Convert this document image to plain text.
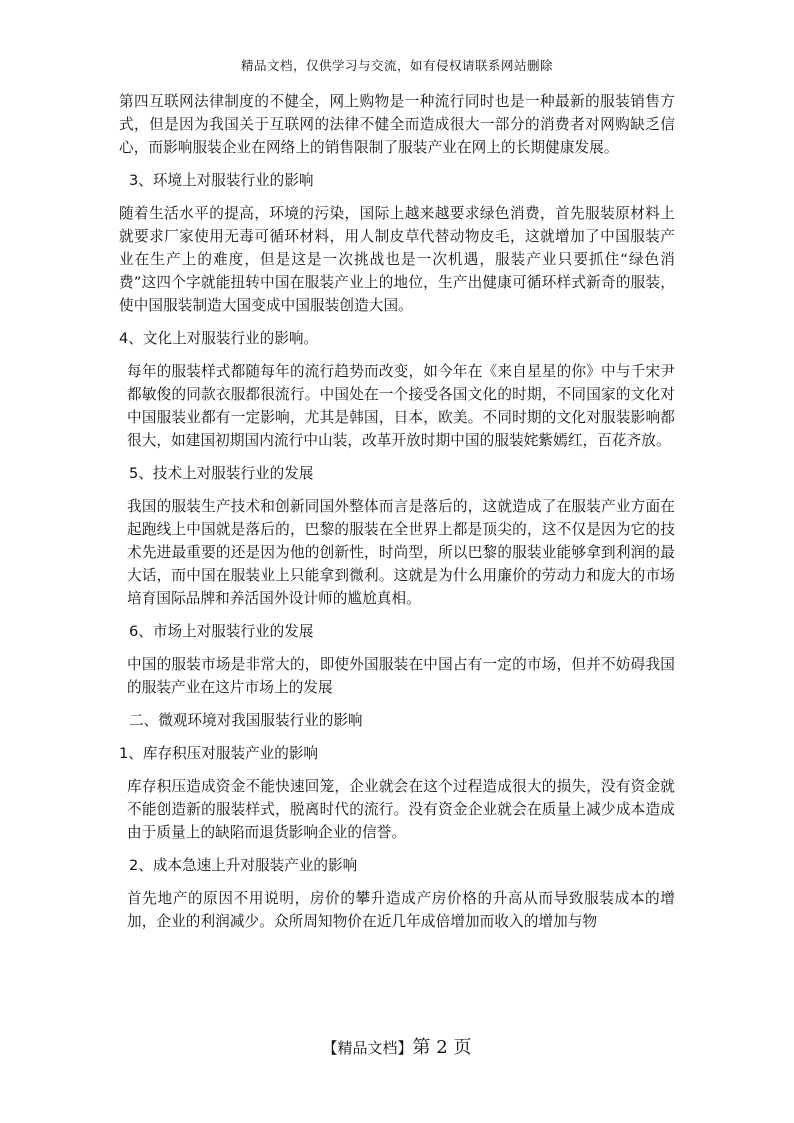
精品文档，仅供学习与交流，如有侵权请联系网站删除

第四互联网法律制度的不健全，网上购物是一种流行同时也是一种最新的服装销售方式，但是因为我国关于互联网的法律不健全而造成很大一部分的消费者对网购缺乏信心，而影响服装企业在网络上的销售限制了服装产业在网上的长期健康发展。

3、环境上对服装行业的影响

随着生活水平的提高，环境的污染，国际上越来越要求绿色消费，首先服装原材料上就要求厂家使用无毒可循环材料，用人制皮草代替动物皮毛，这就增加了中国服装产业在生产上的难度，但是这是一次挑战也是一次机遇，服装产业只要抓住“绿色消费”这四个字就能扭转中国在服装产业上的地位，生产出健康可循环样式新奇的服装，使中国服装制造大国变成中国服装创造大国。

4、文化上对服装行业的影响。

每年的服装样式都随每年的流行趋势而改变，如今年在《来自星星的你》中与千宋尹都敏俊的同款衣服都很流行。中国处在一个接受各国文化的时期，不同国家的文化对中国服装业都有一定影响，尤其是韩国，日本，欧美。不同时期的文化对服装影响都很大，如建国初期国内流行中山装，改革开放时期中国的服装姹紫嫣红，百花齐放。

5、技术上对服装行业的发展

我国的服装生产技术和创新同国外整体而言是落后的，这就造成了在服装产业方面在起跑线上中国就是落后的，巴黎的服装在全世界上都是顶尖的，这不仅是因为它的技术先进最重要的还是因为他的创新性，时尚型，所以巴黎的服装业能够拿到利润的最大话，而中国在服装业上只能拿到微利。这就是为什么用廉价的劳动力和庞大的市场培育国际品牌和养活国外设计师的尴尬真相。

6、市场上对服装行业的发展

中国的服装市场是非常大的，即使外国服装在中国占有一定的市场，但并不妨碍我国的服装产业在这片市场上的发展

二、微观环境对我国服装行业的影响
1、库存积压对服装产业的影响

库存积压造成资金不能快速回笼，企业就会在这个过程造成很大的损失，没有资金就不能创造新的服装样式，脱离时代的流行。没有资金企业就会在质量上减少成本造成由于质量上的缺陷而退货影响企业的信誉。

2、成本急速上升对服装产业的影响

首先地产的原因不用说明，房价的攀升造成产房价格的升高从而导致服装成本的增加，企业的利润减少。众所周知物价在近几年成倍增加而收入的增加与物

【精品文档】第 2 页
